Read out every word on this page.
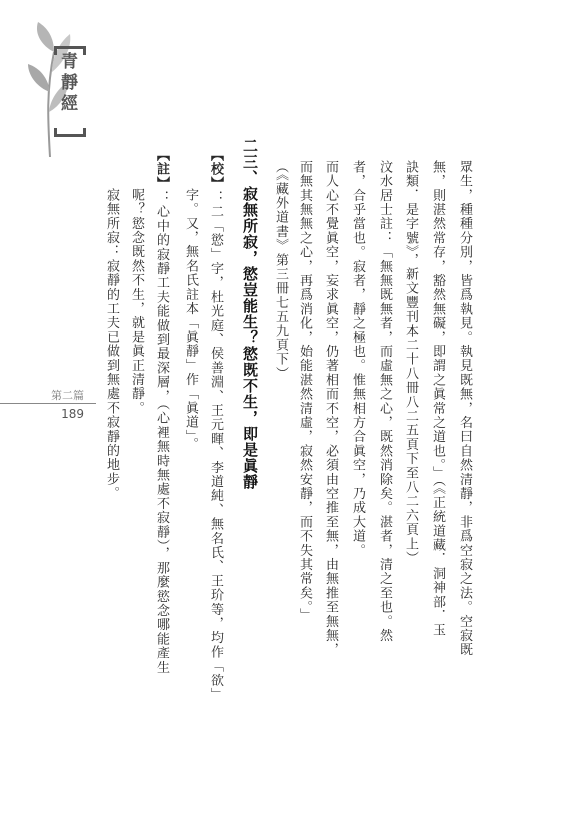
青靜經
第二篇
189	眾生，種種分別，皆爲執見。執見既無，名曰自然清靜，非爲空寂之法。空寂既
無，則湛然常存，豁然無礙，即謂之眞常之道也。」（《正統道藏．洞神部．玉
訣類．是字號》，新文豐刊本二十八冊八二五頁下至八二六頁上）
汶水居士註：「無無既無者，而虛無之心，既然消除矣。湛者，清之至也。然
者，合乎當也。寂者，靜之極也。惟無相方合眞空，乃成大道。
而人心不覺眞空，妄求眞空，仍著相而不空，必須由空推至無，由無推至無無，
而無其無無之心，再爲消化，始能湛然清虛，寂然安靜，而不失其常矣。」
（《藏外道書》第三冊七五九頁下）
二三、寂無所寂，慾豈能生？慾既不生，即是眞靜
【校】：二「慾」字，杜光庭、侯善淵、王元暉、李道純、無名氏、王玠等，均作「欲」
字。又，無名氏註本「眞靜」作「眞道」。
【註】：心中的寂靜工夫能做到最深層，（心裡無時無處不寂靜），那麼慾念哪能產生
呢？慾念既然不生，就是眞正清靜。
寂無所寂：寂靜的工夫已做到無處不寂靜的地步。
